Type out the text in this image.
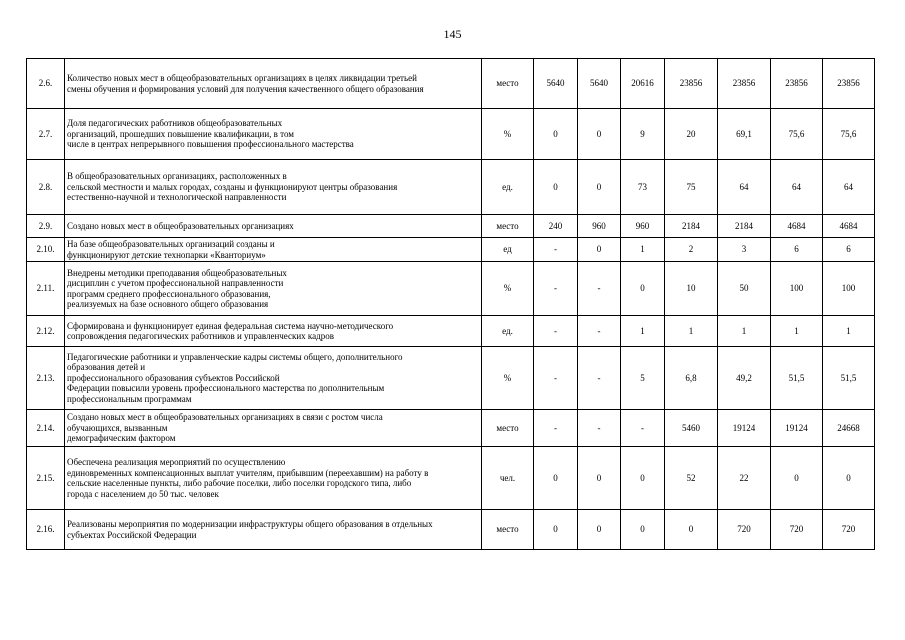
145
2.6.	Количество новых мест в общеобразовательных организациях в целях ликвидации третьей
смены обучения и формирования условий для получения качественного общего образования	место	5640	5640	20616	23856	23856	23856	23856
2.7.	Доля педагогических работников общеобразовательных
организаций, прошедших повышение квалификации, в том
числе в центрах непрерывного повышения профессионального мастерства	%	0	0	9	20	69,1	75,6	75,6
2.8.	В общеобразовательных организациях, расположенных в
сельской местности и малых городах, созданы и функционируют центры образования
естественно-научной и технологической направленности	ед.	0	0	73	75	64	64	64
2.9.	Создано новых мест в общеобразовательных организациях	место	240	960	960	2184	2184	4684	4684
2.10.	На базе общеобразовательных организаций созданы и
функционируют детские технопарки «Кванториум»	ед	-	0	1	2	3	6	6
2.11.	Внедрены методики преподавания общеобразовательных
дисциплин с учетом профессиональной направленности
программ среднего профессионального образования,
реализуемых на базе основного общего образования	%	-	-	0	10	50	100	100
2.12.	Сформирована и функционирует единая федеральная система научно-методического
сопровождения педагогических работников и управленческих кадров	ед.	-	-	1	1	1	1	1
2.13.	Педагогические работники и управленческие кадры системы общего, дополнительного
образования детей и
профессионального образования субъектов Российской
Федерации повысили уровень профессионального мастерства по дополнительным
профессиональным программам	%	-	-	5	6,8	49,2	51,5	51,5
2.14.	Создано новых мест в общеобразовательных организациях в связи с ростом числа
обучающихся, вызванным
демографическим фактором	место	-	-	-	5460	19124	19124	24668
2.15.	Обеспечена реализация мероприятий по осуществлению
единовременных компенсационных выплат учителям, прибывшим (переехавшим) на работу в
сельские населенные пункты, либо рабочие поселки, либо поселки городского типа, либо
города с населением до 50 тыс. человек	чел.	0	0	0	52	22	0	0
2.16.	Реализованы мероприятия по модернизации инфраструктуры общего образования в отдельных
субъектах Российской Федерации	место	0	0	0	0	720	720	720
